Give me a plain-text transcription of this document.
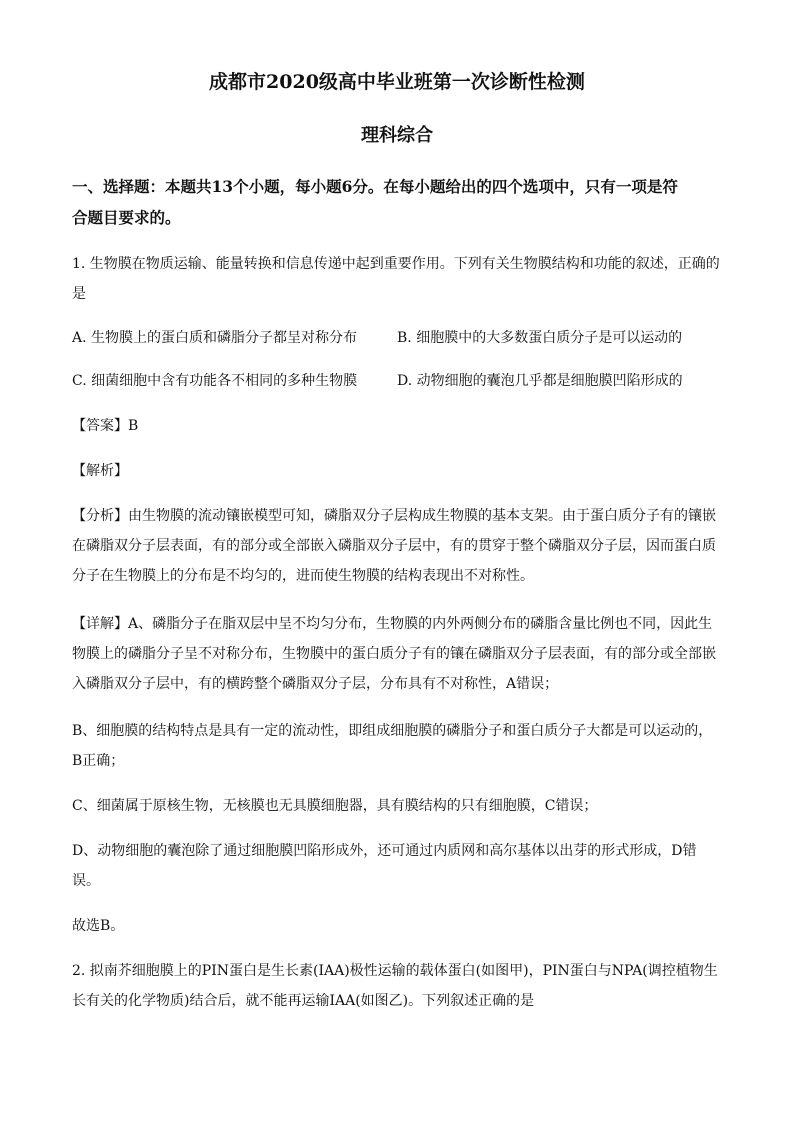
成都市2020级高中毕业班第一次诊断性检测
理科综合
一、选择题：本题共13个小题，每小题6分。在每小题给出的四个选项中，只有一项是符
合题目要求的。
1. 生物膜在物质运输、能量转换和信息传递中起到重要作用。下列有关生物膜结构和功能的叙述，正确的
是
A. 生物膜上的蛋白质和磷脂分子都呈对称分布	B. 细胞膜中的大多数蛋白质分子是可以运动的
C. 细菌细胞中含有功能各不相同的多种生物膜	D. 动物细胞的囊泡几乎都是细胞膜凹陷形成的
【答案】B
【解析】
【分析】由生物膜的流动镶嵌模型可知，磷脂双分子层构成生物膜的基本支架。由于蛋白质分子有的镶嵌
在磷脂双分子层表面，有的部分或全部嵌入磷脂双分子层中，有的贯穿于整个磷脂双分子层，因而蛋白质
分子在生物膜上的分布是不均匀的，进而使生物膜的结构表现出不对称性。
【详解】A、磷脂分子在脂双层中呈不均匀分布，生物膜的内外两侧分布的磷脂含量比例也不同，因此生
物膜上的磷脂分子呈不对称分布，生物膜中的蛋白质分子有的镶在磷脂双分子层表面，有的部分或全部嵌
入磷脂双分子层中，有的横跨整个磷脂双分子层，分布具有不对称性，A错误；
B、细胞膜的结构特点是具有一定的流动性，即组成细胞膜的磷脂分子和蛋白质分子大都是可以运动的，
B正确；
C、细菌属于原核生物，无核膜也无具膜细胞器，具有膜结构的只有细胞膜，C错误；
D、动物细胞的囊泡除了通过细胞膜凹陷形成外，还可通过内质网和高尔基体以出芽的形式形成，D错
误。
故选B。
2. 拟南芥细胞膜上的PIN蛋白是生长素(IAA)极性运输的载体蛋白(如图甲)，PIN蛋白与NPA(调控植物生
长有关的化学物质)结合后，就不能再运输IAA(如图乙)。下列叙述正确的是
